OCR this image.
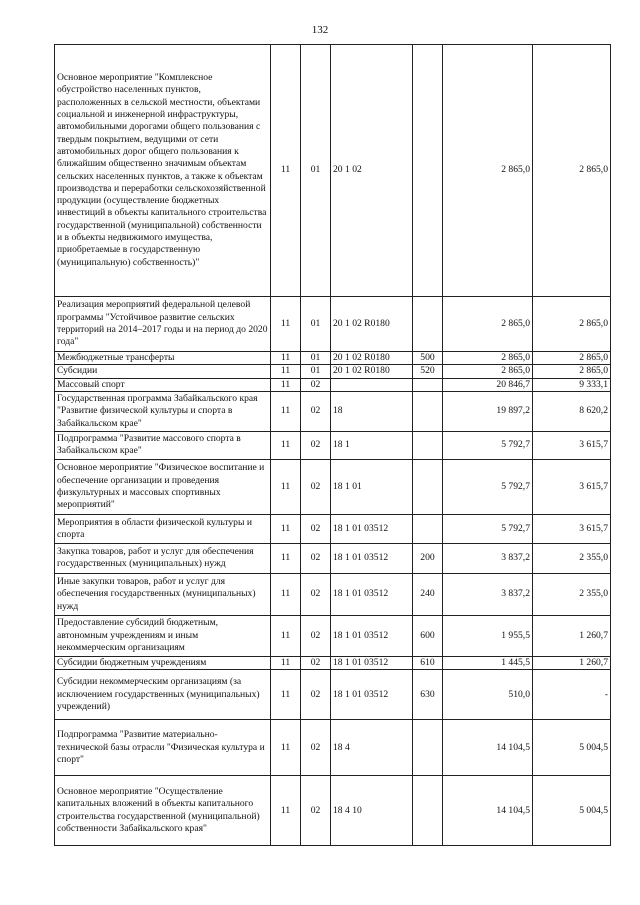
132
Основное мероприятие "Комплексное обустройство населенных пунктов, расположенных в сельской местности, объектами социальной и инженерной инфраструктуры, автомобильными дорогами общего пользования с твердым покрытием, ведущими от сети автомобильных дорог общего пользования к ближайшим общественно значимым объектам сельских населенных пунктов, а также к объектам производства и переработки сельскохозяйственной продукции (осуществление бюджетных инвестиций в объекты капитального строительства государственной (муниципальной) собственности и в объекты недвижимого имущества, приобретаемые в государственную (муниципальную) собственность)"	11	01	20 1 02		2 865,0	2 865,0
Реализация мероприятий федеральной целевой программы "Устойчивое развитие сельских территорий на 2014–2017 годы и на период до 2020 года"	11	01	20 1 02 R0180		2 865,0	2 865,0
Межбюджетные трансферты	11	01	20 1 02 R0180	500	2 865,0	2 865,0
Субсидии	11	01	20 1 02 R0180	520	2 865,0	2 865,0
Массовый спорт	11	02			20 846,7	9 333,1
Государственная программа Забайкальского края "Развитие физической культуры и спорта в Забайкальском крае"	11	02	18		19 897,2	8 620,2
Подпрограмма "Развитие массового спорта в Забайкальском крае"	11	02	18 1		5 792,7	3 615,7
Основное мероприятие "Физическое воспитание и обеспечение организации и проведения физкультурных и массовых спортивных мероприятий"	11	02	18 1 01		5 792,7	3 615,7
Мероприятия в области физической культуры и спорта	11	02	18 1 01 03512		5 792,7	3 615,7
Закупка товаров, работ и услуг для обеспечения государственных (муниципальных) нужд	11	02	18 1 01 03512	200	3 837,2	2 355,0
Иные закупки товаров, работ и услуг для обеспечения государственных (муниципальных) нужд	11	02	18 1 01 03512	240	3 837,2	2 355,0
Предоставление субсидий бюджетным, автономным учреждениям и иным некоммерческим организациям	11	02	18 1 01 03512	600	1 955,5	1 260,7
Субсидии бюджетным учреждениям	11	02	18 1 01 03512	610	1 445,5	1 260,7
Субсидии некоммерческим организациям (за исключением государственных (муниципальных) учреждений)	11	02	18 1 01 03512	630	510,0	-
Подпрограмма "Развитие материально-технической базы отрасли "Физическая культура и спорт"	11	02	18 4		14 104,5	5 004,5
Основное мероприятие "Осуществление капитальных вложений в объекты капитального строительства государственной (муниципальной) собственности Забайкальского края"	11	02	18 4 10		14 104,5	5 004,5
